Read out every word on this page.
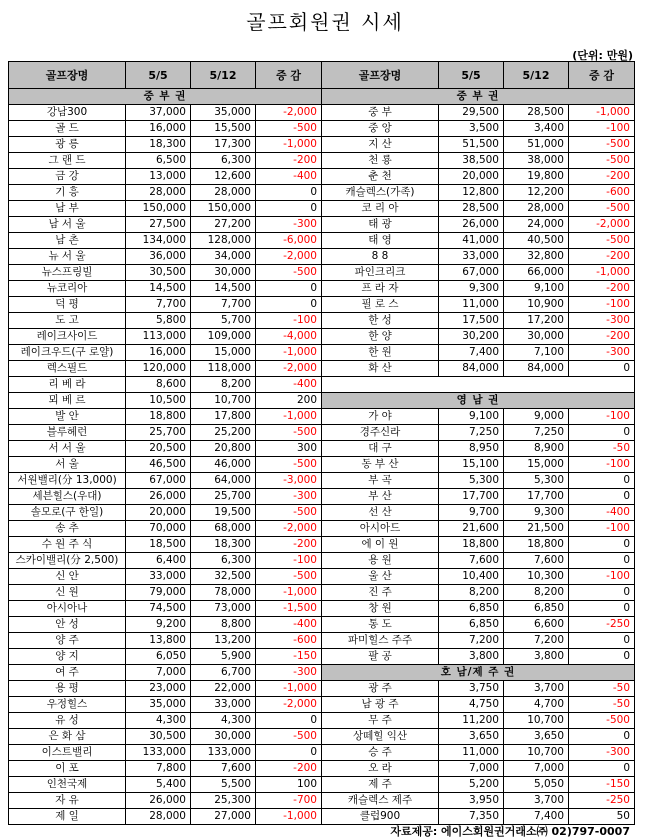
골프회원권 시세
(단위: 만원)
골프장명	5/5	5/12	증 감	골프장명	5/5	5/12	증 감
중 부 권				중 부 권			
강남300	37,000	35,000	-2,000	중 부	29,500	28,500	-1,000
골 드	16,000	15,500	-500	중 앙	3,500	3,400	-100
광 릉	18,300	17,300	-1,000	지 산	51,500	51,000	-500
그 랜 드	6,500	6,300	-200	천 룡	38,500	38,000	-500
금 강	13,000	12,600	-400	춘 천	20,000	19,800	-200
기 흥	28,000	28,000	0	캐슬렉스(가족)	12,800	12,200	-600
남 부	150,000	150,000	0	코 리 아	28,500	28,000	-500
남 서 울	27,500	27,200	-300	태 광	26,000	24,000	-2,000
남 촌	134,000	128,000	-6,000	태 영	41,000	40,500	-500
뉴 서 울	36,000	34,000	-2,000	8 8	33,000	32,800	-200
뉴스프링빌	30,500	30,000	-500	파인크리크	67,000	66,000	-1,000
뉴코리아	14,500	14,500	0	프 라 자	9,300	9,100	-200
덕 평	7,700	7,700	0	필 로 스	11,000	10,900	-100
도 고	5,800	5,700	-100	한 성	17,500	17,200	-300
레이크사이드	113,000	109,000	-4,000	한 양	30,200	30,000	-200
레이크우드(구 로얄)	16,000	15,000	-1,000	한 원	7,400	7,100	-300
렉스필드	120,000	118,000	-2,000	화 산	84,000	84,000	0
리 베 라	8,600	8,200	-400				
뫼 베 르	10,500	10,700	200	영 남 권			
발 안	18,800	17,800	-1,000	가 야	9,100	9,000	-100
블루헤런	25,700	25,200	-500	경주신라	7,250	7,250	0
서 서 울	20,500	20,800	300	대 구	8,950	8,900	-50
서 울	46,500	46,000	-500	동 부 산	15,100	15,000	-100
서원밸리(分 13,000)	67,000	64,000	-3,000	부 곡	5,300	5,300	0
세븐힐스(우대)	26,000	25,700	-300	부 산	17,700	17,700	0
솔모로(구 한일)	20,000	19,500	-500	선 산	9,700	9,300	-400
송 추	70,000	68,000	-2,000	아시아드	21,600	21,500	-100
수 원 주 식	18,500	18,300	-200	에 이 원	18,800	18,800	0
스카이밸리(分 2,500)	6,400	6,300	-100	용 원	7,600	7,600	0
신 안	33,000	32,500	-500	울 산	10,400	10,300	-100
신 원	79,000	78,000	-1,000	진 주	8,200	8,200	0
아시아나	74,500	73,000	-1,500	창 원	6,850	6,850	0
안 성	9,200	8,800	-400	통 도	6,850	6,600	-250
양 주	13,800	13,200	-600	파미힐스 주주	7,200	7,200	0
양 지	6,050	5,900	-150	팔 공	3,800	3,800	0
여 주	7,000	6,700	-300	호 남/제 주 권			
용 평	23,000	22,000	-1,000	광 주	3,750	3,700	-50
우정힐스	35,000	33,000	-2,000	남 광 주	4,750	4,700	-50
유 성	4,300	4,300	0	무 주	11,200	10,700	-500
은 화 삼	30,500	30,000	-500	상떼힐 익산	3,650	3,650	0
이스트밸리	133,000	133,000	0	승 주	11,000	10,700	-300
이 포	7,800	7,600	-200	오 라	7,000	7,000	0
인천국제	5,400	5,500	100	제 주	5,200	5,050	-150
자 유	26,000	25,300	-700	캐슬렉스 제주	3,950	3,700	-250
제 일	28,000	27,000	-1,000	클럽900	7,350	7,400	50
자료제공: 에이스회원권거래소㈜ 02)797-0007
